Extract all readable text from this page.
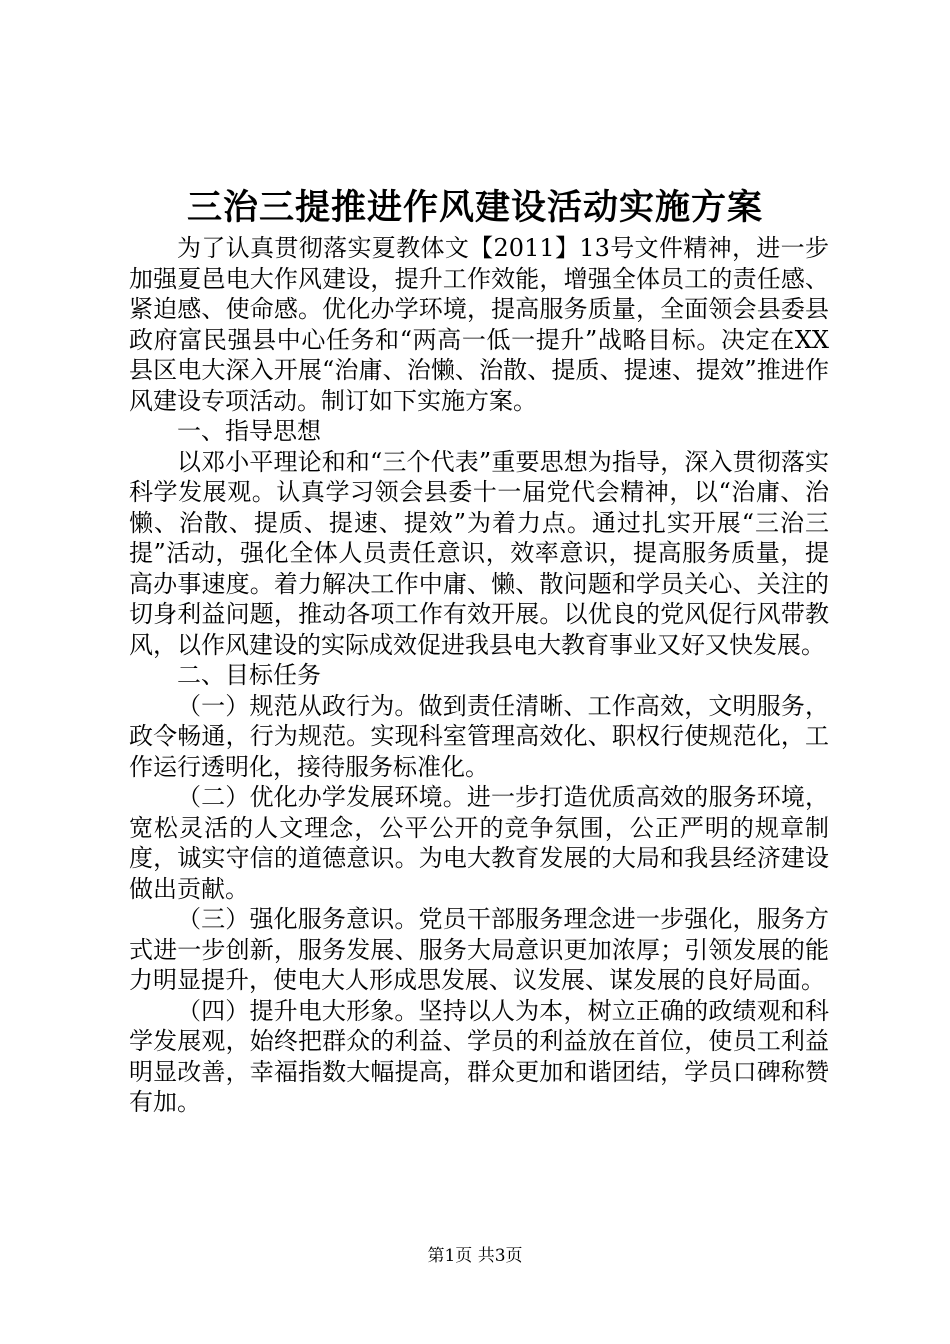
三治三提推进作风建设活动实施方案

为了认真贯彻落实夏教体文【2011】13号文件精神，进一步加强夏邑电大作风建设，提升工作效能，增强全体员工的责任感、紧迫感、使命感。优化办学环境，提高服务质量，全面领会县委县政府富民强县中心任务和“两高一低一提升”战略目标。决定在XX县区电大深入开展“治庸、治懒、治散、提质、提速、提效”推进作风建设专项活动。制订如下实施方案。

一、指导思想

以邓小平理论和和“三个代表”重要思想为指导，深入贯彻落实科学发展观。认真学习领会县委十一届党代会精神，以“治庸、治懒、治散、提质、提速、提效”为着力点。通过扎实开展“三治三提”活动，强化全体人员责任意识，效率意识，提高服务质量，提高办事速度。着力解决工作中庸、懒、散问题和学员关心、关注的切身利益问题，推动各项工作有效开展。以优良的党风促行风带教风，以作风建设的实际成效促进我县电大教育事业又好又快发展。

二、目标任务

（一）规范从政行为。做到责任清晰、工作高效，文明服务，政令畅通，行为规范。实现科室管理高效化、职权行使规范化，工作运行透明化，接待服务标准化。

（二）优化办学发展环境。进一步打造优质高效的服务环境，宽松灵活的人文理念，公平公开的竞争氛围，公正严明的规章制度，诚实守信的道德意识。为电大教育发展的大局和我县经济建设做出贡献。

（三）强化服务意识。党员干部服务理念进一步强化，服务方式进一步创新，服务发展、服务大局意识更加浓厚；引领发展的能力明显提升，使电大人形成思发展、议发展、谋发展的良好局面。

（四）提升电大形象。坚持以人为本，树立正确的政绩观和科学发展观，始终把群众的利益、学员的利益放在首位，使员工利益明显改善，幸福指数大幅提高，群众更加和谐团结，学员口碑称赞有加。

第1页 共3页
